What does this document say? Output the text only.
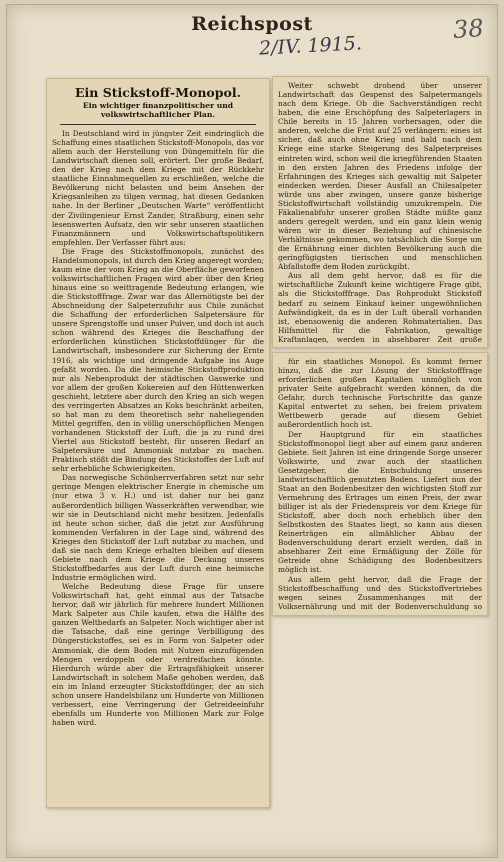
Reichspost
2/IV. 1915.
38
Ein Stickstoff-Monopol.
Ein wichtiger finanzpolitischer und volkswirtschaftlicher Plan.

In Deutschland wird in jüngster Zeit eindringlich die Schaffung eines staatlichen Stickstoff-Monopols, das vor allem auch der Herstellung von Düngemitteln für die Landwirtschaft dienen soll, erörtert. Der große Bedarf, den der Krieg nach dem Kriege mit der Rückkehr staatliche Einnahmequellen zu erschließen, welche die Bevölkerung nicht belasten und beim Ansehen der Kriegsanleihen zu tilgen vermag, hat diesen Gedanken nahe. In der Berliner „Deutschen Warte“ veröffentlicht der Zivilingenieur Ernst Zander, Straßburg, einen sehr lesenswerten Aufsatz, den wir sehr unseren staatlichen Finanzmännern und Volkswirtschaftspolitikern empfehlen. Der Verfasser führt aus:

Die Frage des Stickstoffmonopols, zunächst des Handelsmonopols, ist durch den Krieg angeregt worden; kaum eine der vom Krieg an die Oberfläche geworfenen volkswirtschaftlichen Fragen wird aber über den Krieg hinaus eine so weittragende Bedeutung erlangen, wie die Stickstofffrage. Zwar war das Allernötigste bei der Abschneidung der Salpeterzufuhr aus Chile zunächst die Schaffung der erforderlichen Salpetersäure für unsere Sprengstoffe und unser Pulver, und doch ist auch schon während des Krieges die Beschaffung der erforderlichen künstlichen Stickstoffdünger für die Landwirtschaft, insbesondere zur Sicherung der Ernte 1916, als wichtige und dringende Aufgabe ins Auge gefaßt worden. Da die heimische Stickstoffproduktion nur als Nebenprodukt der städtischen Gaswerke und vor allem der großen Kokereien auf den Hüttenwerken geschieht, letztere aber durch den Krieg an sich wegen des verringerten Absatzes an Koks beschränkt arbeiten, so hat man zu dem theoretisch sehr naheliegenden Mittel gegriffen, den in völlig unerschöpflichen Mengen vorhandenen Stickstoff der Luft, die ja zu rund drei Viertel aus Stickstoff besteht, für unseren Bedarf an Salpetersäure und Ammoniak nutzbar zu machen. Praktisch stößt die Bindung des Stickstoffes der Luft auf sehr erhebliche Schwierigkeiten.

Das norwegische Schönherrverfahren setzt nur sehr geringe Mengen elektrischer Energie in chemische um (nur etwa 3 v. H.) und ist daher nur bei ganz außerordentlich billigen Wasserkräften verwendbar, wie wir sie in Deutschland nicht mehr besitzen. Jedenfalls ist heute schon sicher, daß die jetzt zur Ausführung kommenden Verfahren in der Lage sind, während des Krieges den Stickstoff der Luft nutzbar zu machen, und daß sie nach dem Kriege erhalten bleiben auf diesem Gebiete nach dem Kriege die Deckung unseres Stickstoffbedarfes aus der Luft durch eine heimische Industrie ermöglichen wird.

Welche Bedeutung diese Frage für unsere Volkswirtschaft hat, geht einmal aus der Tatsache hervor, daß wir jährlich für mehrere hundert Millionen Mark Salpeter aus Chile kaufen, etwa die Hälfte des ganzen Weltbedarfs an Salpeter. Noch wichtiger aber ist die Tatsache, daß eine geringe Verbilligung des Düngerstickstoffes, sei es in Form von Salpeter oder Ammoniak, die dem Boden mit Nutzen einzufügenden Mengen verdoppeln oder verdreifachen könnte. Hierdurch würde aber die Ertragsfähigkeit unserer Landwirtschaft in solchem Maße gehoben werden, daß ein im Inland erzeugter Stickstoffdünger, der an sich schon unsere Handelsbilanz um Hunderte von Millionen verbessert, eine Verringerung der Getreideeinfuhr ebenfalls um Hunderte von Millionen Mark zur Folge haben wird.

Weiter schwebt drohend über unserer Landwirtschaft das Gespenst des Salpetermangels nach dem Kriege. Ob die Sachverständigen recht haben, die eine Erschöpfung des Salpeterlagers in Chile bereits in 15 Jahren vorhersagen, oder die anderen, welche die Frist auf 25 verlängern: eines ist sicher, daß auch ohne Krieg und bald nach dem Kriege eine starke Steigerung des Salpeterpreises eintreten wird, schon weil die kriegführenden Staaten in den ersten Jahren des Friedens infolge der Erfahrungen des Krieges sich gewaltig mit Salpeter eindecken werden. Dieser Ausfall an Chilesalpeter würde uns aber zwingen, unsere ganze bisherige Stickstoffwirtschaft vollständig umzukrempeln. Die Fäkalienabfuhr unserer großen Städte müßte ganz anders geregelt werden, und ein ganz klein wenig wären wir in dieser Beziehung auf chinesische Verhältnisse gekommen, wo tatsächlich die Sorge um die Ernährung einer dichten Bevölkerung auch die geringfügigsten tierischen und menschlichen Abfallstoffe dem Boden zurückgibt.

Aus all dem geht hervor, daß es für die wirtschaftliche Zukunft keine wichtigere Frage gibt, als die Stickstofffrage. Das Rohprodukt Stickstoff bedarf zu seinem Einkauf keiner ungewöhnlichen Aufwändigkeit, da es in der Luft überall vorhanden ist, ebensowenig die anderen Rohmaterialien. Das Hilfsmittel für die Fabrikation, gewaltige Kraftanlagen, werden in absehbarer Zeit große

für ein staatliches Monopol. Es kommt ferner hinzu, daß die zur Lösung der Stickstofffrage erforderlichen großen Kapitalien unmöglich von privater Seite aufgebracht werden können, da die Gefahr, durch technische Fortschritte das ganze Kapital entwertet zu sehen, bei freiem privatem Wettbewerb gerade auf diesem Gebiet außerordentlich hoch ist.

Der Hauptgrund für ein staatliches Stickstoffmonopol liegt aber auf einem ganz anderen Gebiete. Seit Jahren ist eine dringende Sorge unserer Volkswirte, und zwar auch der staatlichen Gesetzgeber, die Entschuldung unseres landwirtschaftlich genutzten Bodens. Liefert nun der Staat an den Bodenbesitzer den wichtigsten Stoff zur Vermehrung des Ertrages um einen Preis, der zwar billiger ist als der Friedenspreis vor dem Kriege für Stickstoff, aber doch noch erheblich über den Selbstkosten des Staates liegt, so kann aus diesen Reinerträgen ein allmählicher Abbau der Bodenverschuldung derart erzielt werden, daß in absehbarer Zeit eine Ermäßigung der Zölle für Getreide ohne Schädigung des Bodenbesitzers möglich ist.

Aus allem geht hervor, daß die Frage der Stickstoffbeschaffung und des Stickstoffvertriebes wegen seines Zusammenhanges mit der Volksernährung und mit der Bodenverschuldung so
